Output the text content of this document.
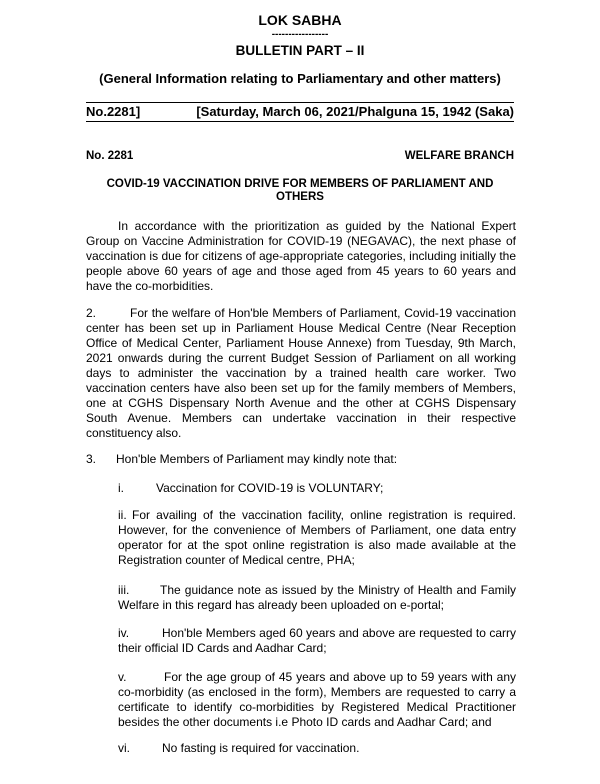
LOK SABHA
-----------------
BULLETIN PART – II
(General Information relating to Parliamentary and other matters)
No.2281]	[Saturday, March 06, 2021/Phalguna 15, 1942 (Saka)
No. 2281	WELFARE BRANCH
COVID-19 VACCINATION DRIVE FOR MEMBERS OF PARLIAMENT AND
OTHERS
In accordance with the prioritization as guided by the National Expert Group on Vaccine Administration for COVID-19 (NEGAVAC), the next phase of vaccination is due for citizens of age-appropriate categories, including initially the people above 60 years of age and those aged from 45 years to 60 years and have the co-morbidities.
2.	For the welfare of Hon'ble Members of Parliament, Covid-19 vaccination center has been set up in Parliament House Medical Centre (Near Reception Office of Medical Center, Parliament House Annexe) from Tuesday, 9th March, 2021 onwards during the current Budget Session of Parliament on all working days to administer the vaccination by a trained health care worker. Two vaccination centers have also been set up for the family members of Members, one at CGHS Dispensary North Avenue and the other at CGHS Dispensary South Avenue. Members can undertake vaccination in their respective constituency also.
3. Hon'ble Members of Parliament may kindly note that:
i.	Vaccination for COVID-19 is VOLUNTARY;
ii. For availing of the vaccination facility, online registration is required. However, for the convenience of Members of Parliament, one data entry operator for at the spot online registration is also made available at the Registration counter of Medical centre, PHA;
iii.	The guidance note as issued by the Ministry of Health and Family Welfare in this regard has already been uploaded on e-portal;
iv.	Hon'ble Members aged 60 years and above are requested to carry their official ID Cards and Aadhar Card;
v.	For the age group of 45 years and above up to 59 years with any co-morbidity (as enclosed in the form), Members are requested to carry a certificate to identify co-morbidities by Registered Medical Practitioner besides the other documents i.e Photo ID cards and Aadhar Card; and
vi.	No fasting is required for vaccination.
